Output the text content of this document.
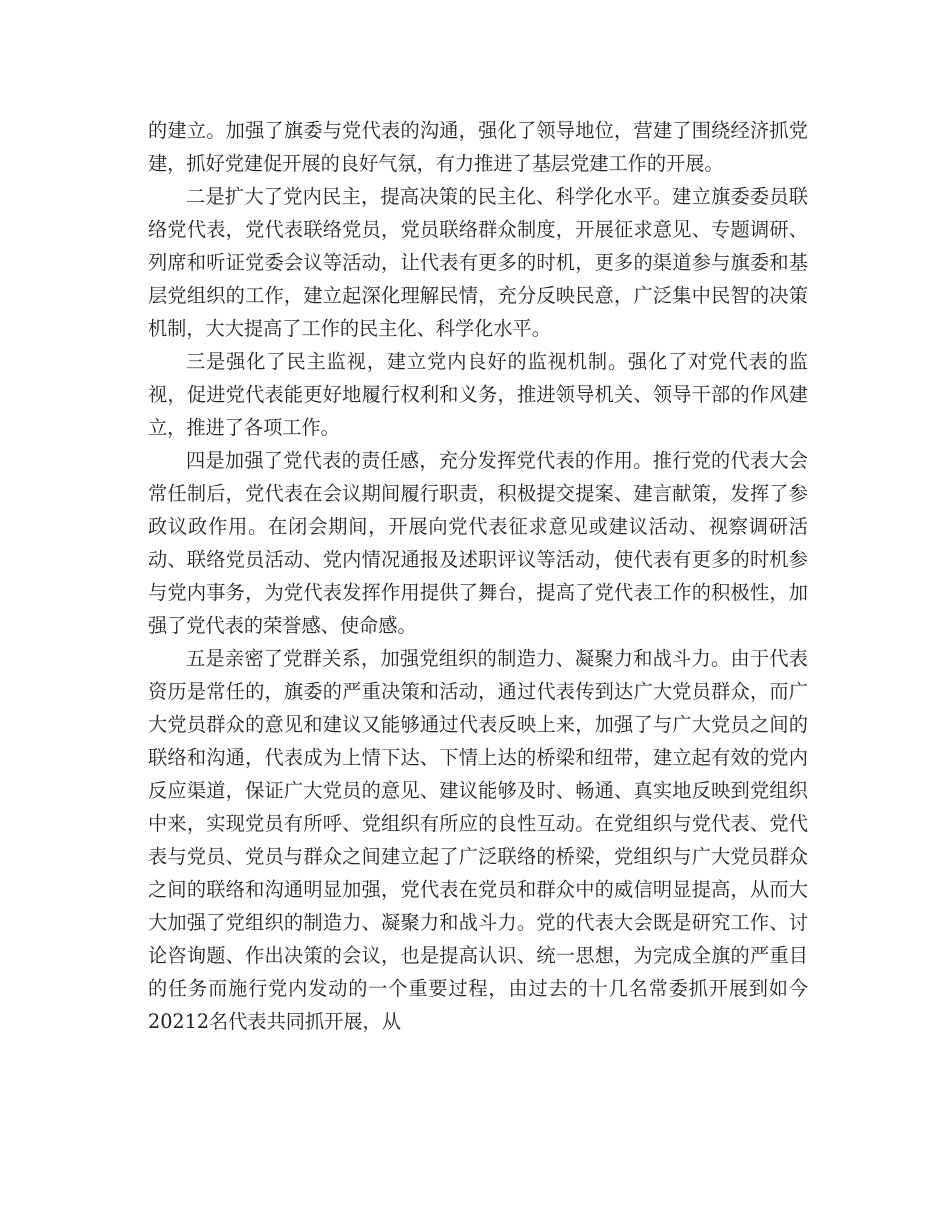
的建立。加强了旗委与党代表的沟通，强化了领导地位，营建了围绕经济抓党建，抓好党建促开展的良好气氛，有力推进了基层党建工作的开展。

二是扩大了党内民主，提高决策的民主化、科学化水平。建立旗委委员联络党代表，党代表联络党员，党员联络群众制度，开展征求意见、专题调研、列席和听证党委会议等活动，让代表有更多的时机，更多的渠道参与旗委和基层党组织的工作，建立起深化理解民情，充分反映民意，广泛集中民智的决策机制，大大提高了工作的民主化、科学化水平。

三是强化了民主监视，建立党内良好的监视机制。强化了对党代表的监视，促进党代表能更好地履行权利和义务，推进领导机关、领导干部的作风建立，推进了各项工作。

四是加强了党代表的责任感，充分发挥党代表的作用。推行党的代表大会常任制后，党代表在会议期间履行职责，积极提交提案、建言献策，发挥了参政议政作用。在闭会期间，开展向党代表征求意见或建议活动、视察调研活动、联络党员活动、党内情况通报及述职评议等活动，使代表有更多的时机参与党内事务，为党代表发挥作用提供了舞台，提高了党代表工作的积极性，加强了党代表的荣誉感、使命感。

五是亲密了党群关系，加强党组织的制造力、凝聚力和战斗力。由于代表资历是常任的，旗委的严重决策和活动，通过代表传到达广大党员群众，而广大党员群众的意见和建议又能够通过代表反映上来，加强了与广大党员之间的联络和沟通，代表成为上情下达、下情上达的桥梁和纽带，建立起有效的党内反应渠道，保证广大党员的意见、建议能够及时、畅通、真实地反映到党组织中来，实现党员有所呼、党组织有所应的良性互动。在党组织与党代表、党代表与党员、党员与群众之间建立起了广泛联络的桥梁，党组织与广大党员群众之间的联络和沟通明显加强，党代表在党员和群众中的威信明显提高，从而大大加强了党组织的制造力、凝聚力和战斗力。党的代表大会既是研究工作、讨论咨询题、作出决策的会议，也是提高认识、统一思想，为完成全旗的严重目的任务而施行党内发动的一个重要过程，由过去的十几名常委抓开展到如今20212名代表共同抓开展，从
